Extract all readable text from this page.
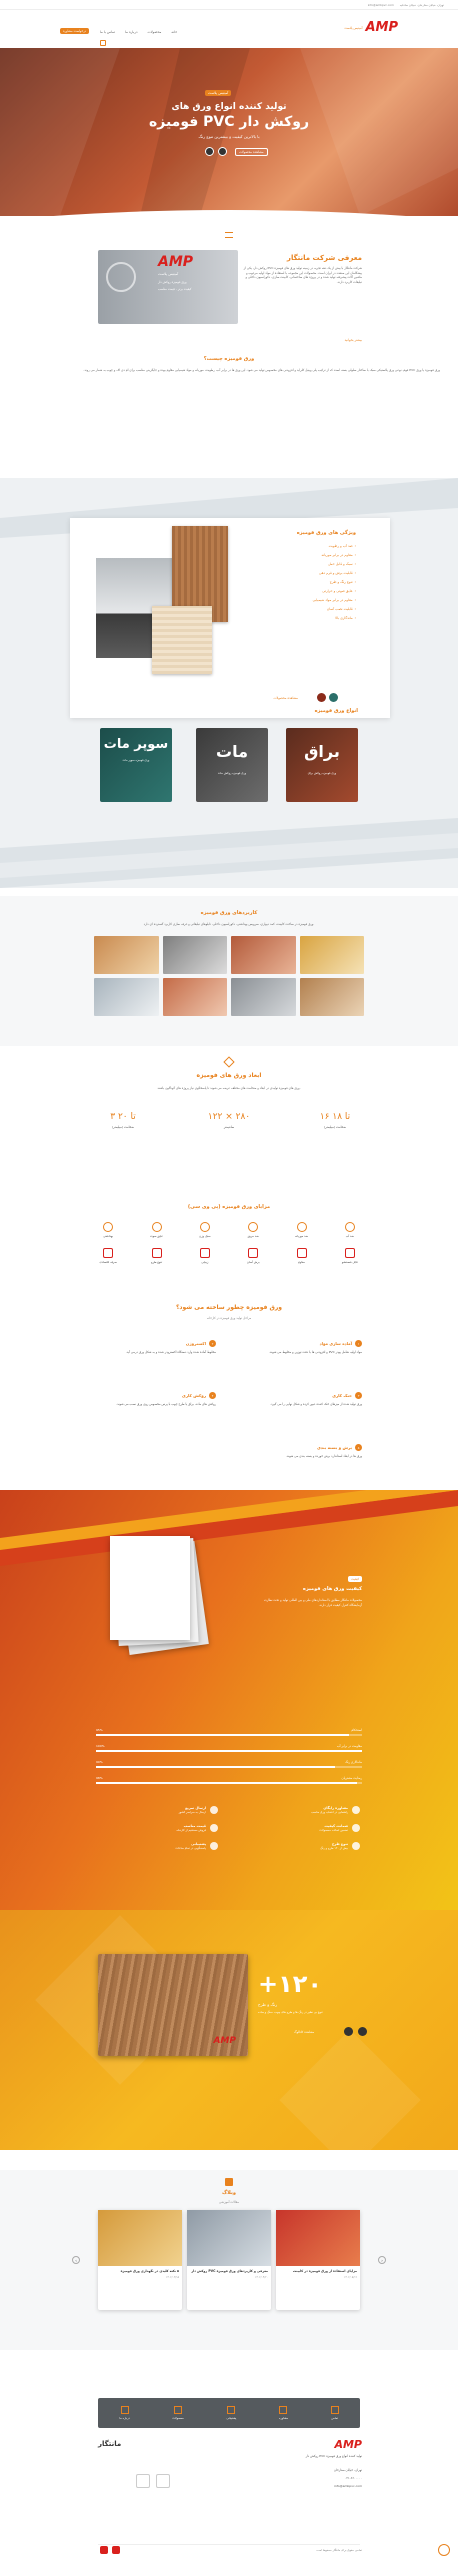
info@ambpvc.com تهران، خیابان ستارخان، خیابان صادقیه
آمیتیس پلاست AMP
تماس با ما	درباره ما	محصولات	خانه
درخواست مشاوره
آمیتیس پلاست
تولید کننده انواع ورق های
فومیزه PVC روکش دار
با بالاترین کیفیت و بیشترین تنوع رنگ
مشاهده محصولات
معرفی شرکت مانتگار
شرکت مانتگار با بیش از یک دهه تجربه در زمینه تولید ورق های فومیزه PVC روکش دار، یکی از پیشگامان این صنعت در ایران است. محصولات این مجموعه با استفاده از مواد اولیه مرغوب و ماشین آلات پیشرفته تولید شده و در پروژه های ساختمانی، کابینت سازی، دکوراسیون داخلی و تبلیغات کاربرد دارند.
بیشتر بخوانید
AMP
آمیتیس پلاست
ورق فومیزه روکش دار
کیفیت برتر - قیمت مناسب
ورق فومیزه چیست؟
ورق فومیزه یا ورق PVC فوم، نوعی ورق پلاستیکی سبک با ساختار سلولی بسته است که از ترکیب پلی وینیل کلراید و افزودنی های مخصوص تولید می شود. این ورق ها در برابر آب، رطوبت، موریانه و مواد شیمیایی مقاوم بوده و جایگزینی مناسب برای ام دی اف و چوب به شمار می روند.
ویژگی های ورق فومیزه
›
ضد آب و رطوبت
›
مقاوم در برابر موریانه
›
سبک و قابل حمل
›
قابلیت برش و فرم دهی
›
تنوع رنگ و طرح
›
عایق صوتی و حرارتی
›
مقاوم در برابر مواد شیمیایی
›
قابلیت نصب آسان
›
ماندگاری بالا
مشاهده محصولات
انواع ورق فومیزه
براق
ورق فومیزه روکش براق
مات
ورق فومیزه روکش مات
سوپر مات
ورق فومیزه سوپر مات
کاربردهای ورق فومیزه
ورق فومیزه در ساخت کابینت، کمد دیواری، سرویس بهداشتی، دکوراسیون داخلی، تابلوهای تبلیغاتی و غرفه سازی کاربرد گسترده ای دارد.
ابعاد ورق های فومیزه
ورق های فومیزه تولیدی در ابعاد و ضخامت های مختلف عرضه می شوند تا پاسخگوی نیاز پروژه های گوناگون باشند.
۱۶ تا ۱۸
ضخامت (میلیمتر)
۱۲۲ × ۲۸۰
سانتیمتر
۳ تا ۲۰
ضخامت (میلیمتر)
مزایای ورق فومیزه (پی وی سی)
ضد آب
ضد موریانه
ضد حریق
سبک وزن
عایق صوت
بهداشتی
قابل شستشو
مقاوم
برش آسان
زیبایی
تنوع طرح
صرفه اقتصادی
ورق فومیزه چطور ساخته می شود؟
مراحل تولید ورق فومیزه در کارخانه
۱
آماده سازی مواد
مواد اولیه شامل پودر PVC و افزودنی ها با دقت توزین و مخلوط می شوند.
۲
اکستروژن
مخلوط آماده شده وارد دستگاه اکسترودر شده و به شکل ورق درمی آید.
۳
خنک کاری
ورق تولید شده از میزهای خنک کننده عبور کرده و شکل نهایی را می گیرد.
۴
روکش کاری
روکش های مات، براق یا طرح چوب با پرس مخصوص روی ورق نصب می شوند.
۵
برش و بسته بندی
ورق ها در ابعاد استاندارد برش خورده و بسته بندی می شوند.
کیفیت
کیفیت ورق های فومیزه
محصولات مانتگار مطابق با استانداردهای ملی و بین المللی تولید و تحت نظارت آزمایشگاه کنترل کیفیت قرار دارند.
95%	استحکام
100%	مقاومت در برابر آب
90%	ماندگاری رنگ
98%	رضایت مشتریان
مشاوره رایگان
راهنمایی در انتخاب ورق مناسب
ارسال سریع
ارسال به سراسر کشور
ضمانت کیفیت
تضمین اصالت محصولات
قیمت مناسب
فروش مستقیم از کارخانه
تنوع طرح
بیش از ۱۲۰ طرح و رنگ
پشتیبانی
پاسخگویی در تمام ساعات
AMP
+۱۲۰
رنگ و طرح
تنوع بی نظیر در رنگ ها و طرح های چوب، سنگ و ساده
مشاهده کاتالوگ
وبلاگ
مقالات آموزشی
‹	›
مزایای استفاده از ورق فومیزه در کابینت
۱۴۰۲/۰۵/۱۲
معرفی و کاربردهای ورق فومیزه PVC روکش دار
۱۴۰۲/۰۴/۲۰
۵ نکته کلیدی در نگهداری ورق فومیزه
۱۴۰۲/۰۳/۱۵
تماس
مشاوره
پشتیبانی
محصولات
درباره ما
AMP
مانتگار
تولید کننده انواع ورق فومیزه PVC روکش دار
تهران، خیابان ستارخان
۰۲۱-۶۶۰۰۰۰۰
info@ambpvc.com
تمامی حقوق برای مانتگار محفوظ است
